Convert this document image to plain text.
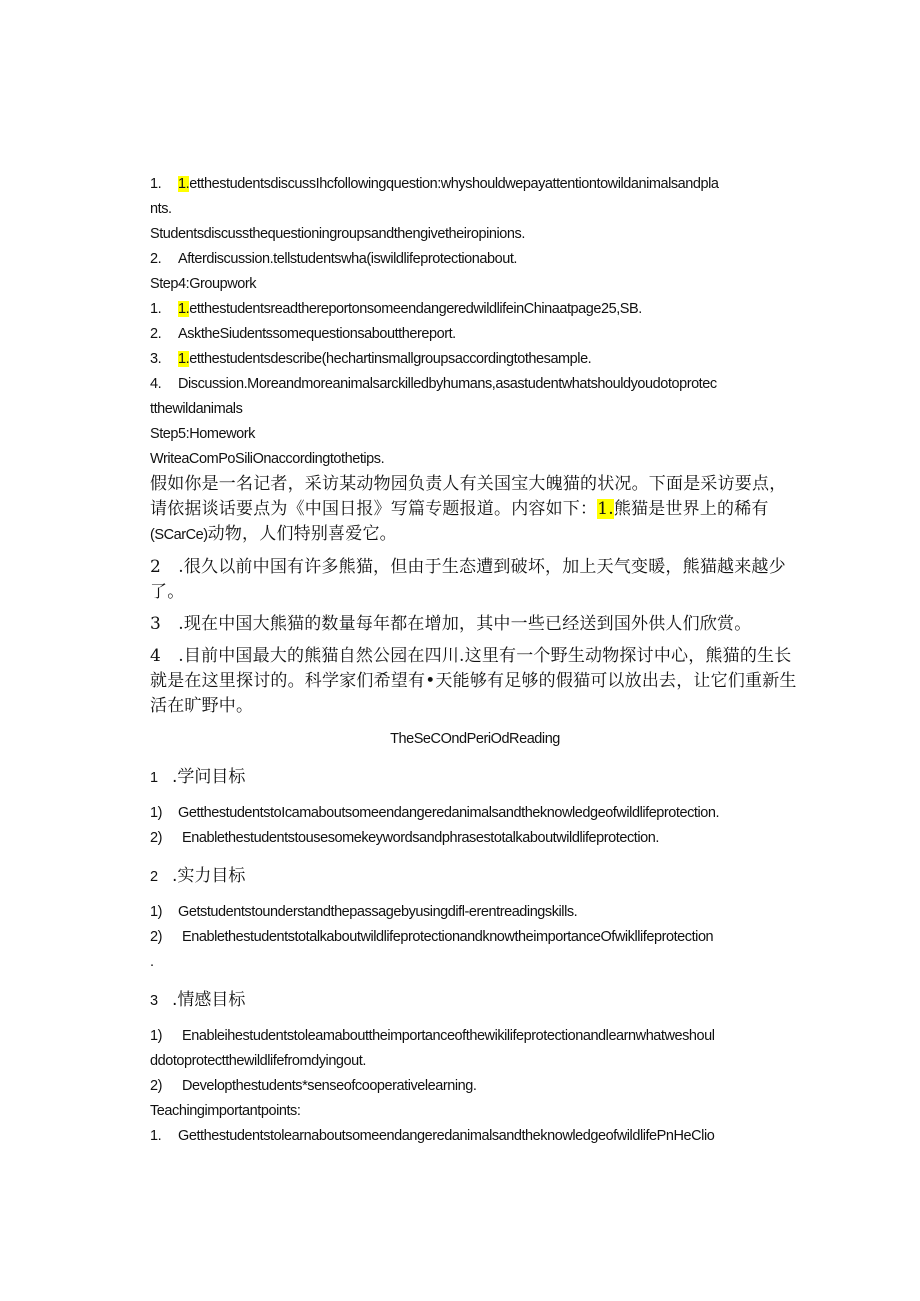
1. 1.etthestudentsdiscussIhcfollowingquestion:whyshouldwepayattentiontowildanimalsandpla

nts.

Studentsdiscussthequestioningroupsandthengivetheiropinions.

2. Afterdiscussion.tellstudentswha(iswildlifeprotectionabout.

Step4:Groupwork

1. 1.etthestudentsreadthereportonsomeendangeredwildlifeinChinaatpage25,SB.

2. AsktheSiudentssomequestionsaboutthereport.

3. 1.etthestudentsdescribe(hechartinsmallgroupsaccordingtothesample.

4. Discussion.Moreandmoreanimalsarckilledbyhumans,asastudentwhatshouldyoudotoprotec

tthewildanimals

Step5:Homework

WriteaComPoSiliOnaccordingtothetips.

假如你是一名记者，采访某动物园负责人有关国宝大魄猫的状况。下面是采访要点，请依据谈话要点为《中国日报》写篇专题报道。内容如下：1.熊猫是世界上的稀有(SCarCe)动物，人们特别喜爱它。

2 .很久以前中国有许多熊猫，但由于生态遭到破坏，加上天气变暖，熊猫越来越少了。

3 .现在中国大熊猫的数量每年都在增加，其中一些已经送到国外供人们欣赏。

4 .目前中国最大的熊猫自然公园在四川.这里有一个野生动物探讨中心，熊猫的生长就是在这里探讨的。科学家们希望有•天能够有足够的假猫可以放出去，让它们重新生活在旷野中。

TheSeCOndPeriOdReading

1 .学问目标

1) GetthestudentstoIcamaboutsomeendangeredanimalsandtheknowledgeofwildlifeprotection.

2) Enablethestudentstousesomekeywordsandphrasestotalkaboutwildlifeprotection.

2 .实力目标

1) Getstudentstounderstandthepassagebyusingdifl-erentreadingskills.

2) EnablethestudentstotalkaboutwildlifeprotectionandknowtheimportanceOfwikllifeprotection

.

3 .情感目标

1) Enableihestudentstoleamabouttheimportanceofthewikilifeprotectionandlearnwhatweshoul

ddotoprotectthewildlifefromdyingout.

2) Developthestudents*senseofcooperativelearning.

Teachingimportantpoints:

1. GetthestudentstolearnaboutsomeendangeredanimalsandtheknowledgeofwildlifePnHeClio
